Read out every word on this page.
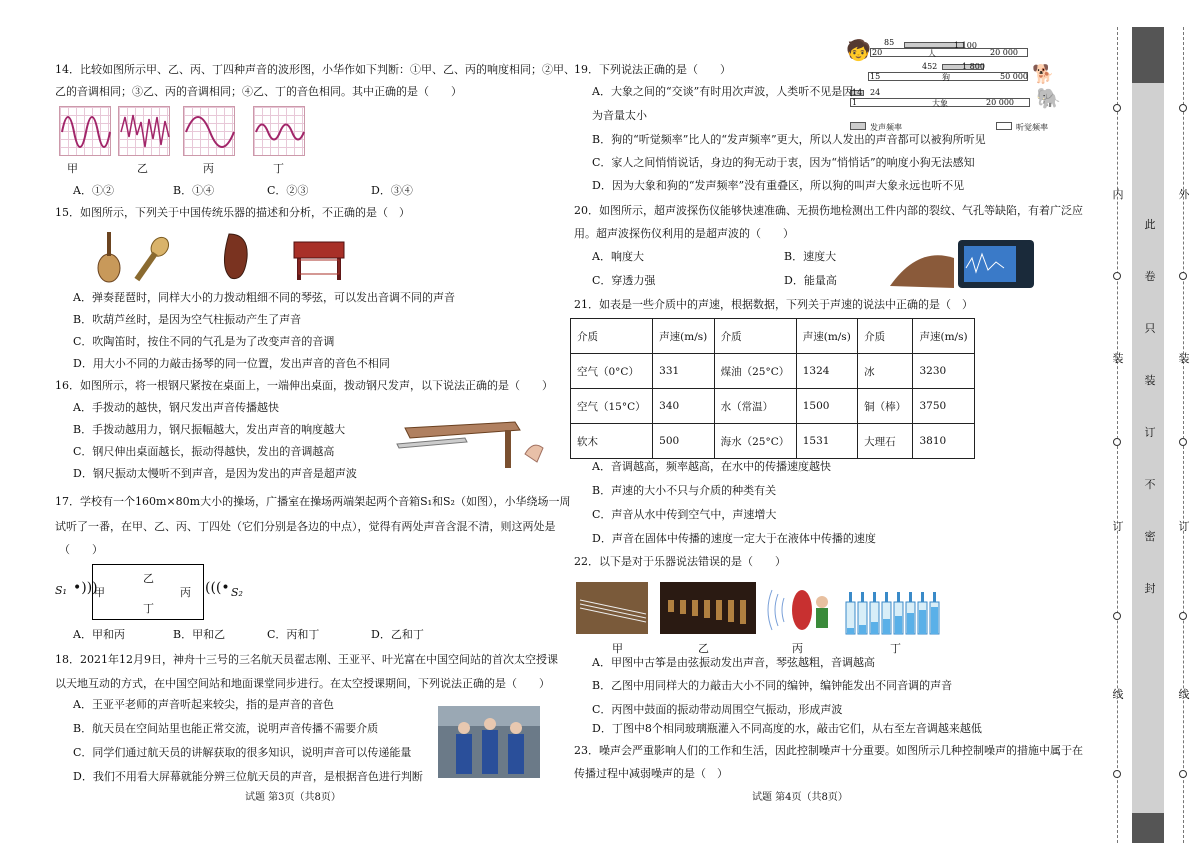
14．比较如图所示甲、乙、丙、丁四种声音的波形图，小华作如下判断：①甲、乙、丙的响度相同；②甲、
乙的音调相同；③乙、丙的音调相同；④乙、丁的音色相同。其中正确的是（　　）
甲	乙	丙	丁
A．①②	B．①④	C．②③	D．③④
15．如图所示，下列关于中国传统乐器的描述和分析，不正确的是（　）
A．弹奏琵琶时，同样大小的力拨动粗细不同的琴弦，可以发出音调不同的声音
B．吹葫芦丝时，是因为空气柱振动产生了声音
C．吹陶笛时，按住不同的气孔是为了改变声音的音调
D．用大小不同的力敲击扬琴的同一位置，发出声音的音色不相同
16．如图所示，将一根钢尺紧按在桌面上，一端伸出桌面，拨动钢尺发声，以下说法正确的是（　　）
A．手拨动的越快，钢尺发出声音传播越快
B．手拨动越用力，钢尺振幅越大，发出声音的响度越大
C．钢尺伸出桌面越长，振动得越快，发出的音调越高
D．钢尺振动太慢听不到声音，是因为发出的声音是超声波
17．学校有一个160m×80m大小的操场，广播室在操场两端架起两个音箱S₁和S₂（如图），小华绕场一周
试听了一番，在甲、乙、丙、丁四处（它们分别是各边的中点），觉得有两处声音含混不清，则这两处是
（　　）
S₁ •)))
甲
乙
丙
丁
(((• S₂
A．甲和丙	B．甲和乙	C．丙和丁	D．乙和丁
18．2021年12月9日，神舟十三号的三名航天员翟志刚、王亚平、叶光富在中国空间站的首次太空授课
以天地互动的方式，在中国空间站和地面课堂同步进行。在太空授课期间，下列说法正确的是（　　）
A．王亚平老师的声音听起来较尖，指的是声音的音色
B．航天员在空间站里也能正常交流，说明声音传播不需要介质
C．同学们通过航天员的讲解获取的很多知识，说明声音可以传递能量
D．我们不用看大屏幕就能分辨三位航天员的声音，是根据音色进行判断
试题 第3页（共8页）
🧒 85
20	人
1 100
20 000
🐕
15
452
狗
1 800
50 000
🐘
1
14
大象
24
20 000
发声频率	听觉频率
19．下列说法正确的是（　　）
A．大象之间的“交谈”有时用次声波，人类听不见是因
为音量太小
B．狗的“听觉频率”比人的“发声频率”更大，所以人发出的声音都可以被狗所听见
C．家人之间悄悄说话，身边的狗无动于衷，因为“悄悄话”的响度小狗无法感知
D．因为大象和狗的“发声频率”没有重叠区，所以狗的叫声大象永远也听不见
20．如图所示，超声波探伤仪能够快速准确、无损伤地检测出工件内部的裂纹、气孔等缺陷，有着广泛应
用。超声波探伤仪利用的是超声波的（　　）
A．响度大	B．速度大
C．穿透力强	D．能量高
21．如表是一些介质中的声速，根据数据，下列关于声速的说法中正确的是（　）
介质	声速(m/s)	介质	声速(m/s)	介质	声速(m/s)
空气（0°C）	331	煤油（25°C）	1324	冰	3230
空气（15°C）	340	水（常温）	1500	铜（棒）	3750
软木	500	海水（25°C）	1531	大理石	3810
A．音调越高，频率越高，在水中的传播速度越快
B．声速的大小不只与介质的种类有关
C．声音从水中传到空气中，声速增大
D．声音在固体中传播的速度一定大于在液体中传播的速度
22．以下是对于乐器说法错误的是（　　）
甲	乙	丙	丁
A．甲图中古筝是由弦振动发出声音，琴弦越粗，音调越高
B．乙图中用同样大的力敲击大小不同的编钟，编钟能发出不同音调的声音
C．丙图中鼓面的振动带动周围空气振动，形成声波
D．丁图中8个相同玻璃瓶灌入不同高度的水，敲击它们，从右至左音调越来越低
23．噪声会严重影响人们的工作和生活，因此控制噪声十分重要。如图所示几种控制噪声的措施中属于在
传播过程中减弱噪声的是（　）
试题 第4页（共8页）
内
装
订
线
外
装
订
线
此
卷
只
装
订
不
密
封
